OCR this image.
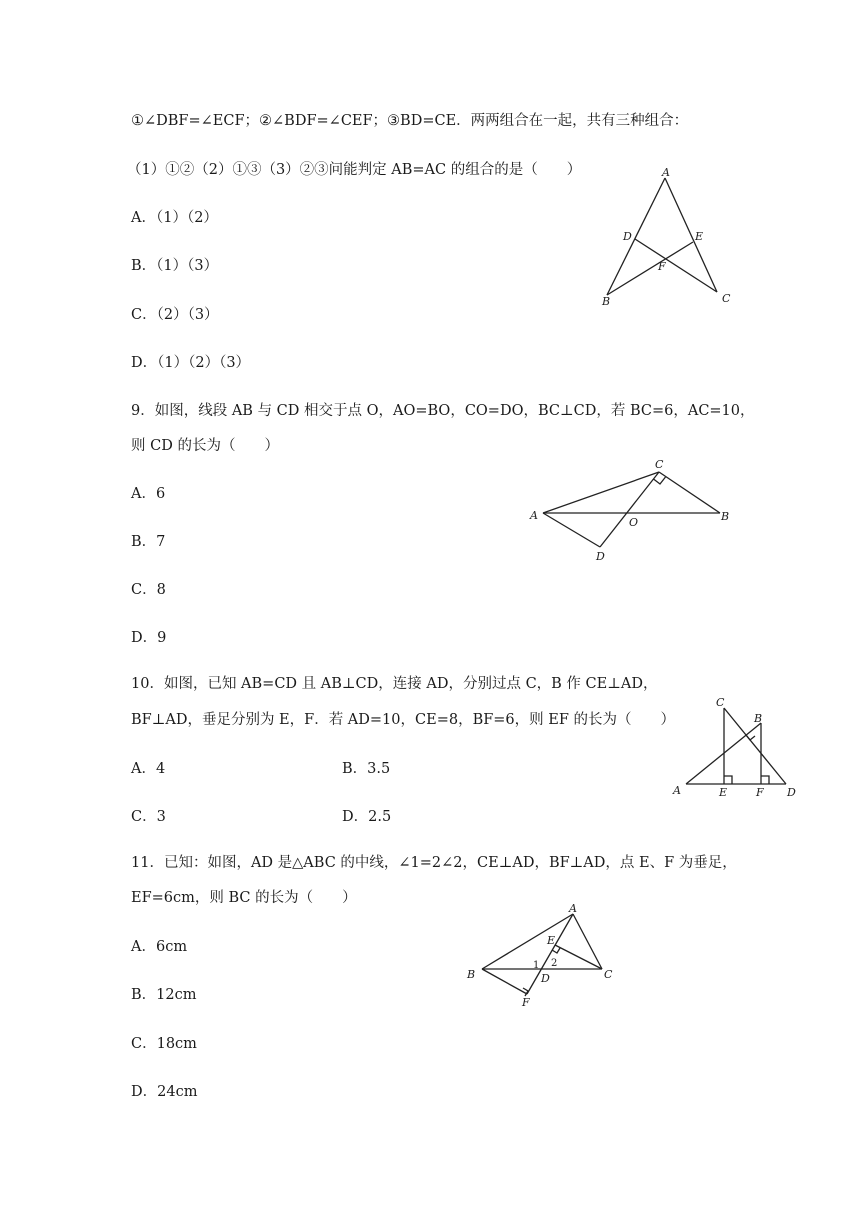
①∠DBF=∠ECF；②∠BDF=∠CEF；③BD=CE．两两组合在一起，共有三种组合：
（1）①②（2）①③（3）②③问能判定 AB=AC 的组合的是（　　）
A．（1）（2）
B．（1）（3）
C．（2）（3）
D．（1）（2）（3）
A
D	E
F
B	C
9．如图，线段 AB 与 CD 相交于点 O，AO=BO，CO=DO，BC⊥CD，若 BC=6，AC=10，
则 CD 的长为（　　）
A．6
B．7
C．8
D．9
C
A
O	B
D
10．如图，已知 AB=CD 且 AB⊥CD，连接 AD，分别过点 C，B 作 CE⊥AD，
BF⊥AD，垂足分别为 E，F．若 AD=10，CE=8，BF=6，则 EF 的长为（　　）
A．4	B．3.5
C．3	D．2.5
C
B
A	E	F D
11．已知：如图，AD 是△ABC 的中线，∠1=2∠2，CE⊥AD，BF⊥AD，点 E、F 为垂足，
EF=6cm，则 BC 的长为（　　）
A．6cm
B．12cm
C．18cm
D．24cm
A
E
1 2
D
B	C
F
